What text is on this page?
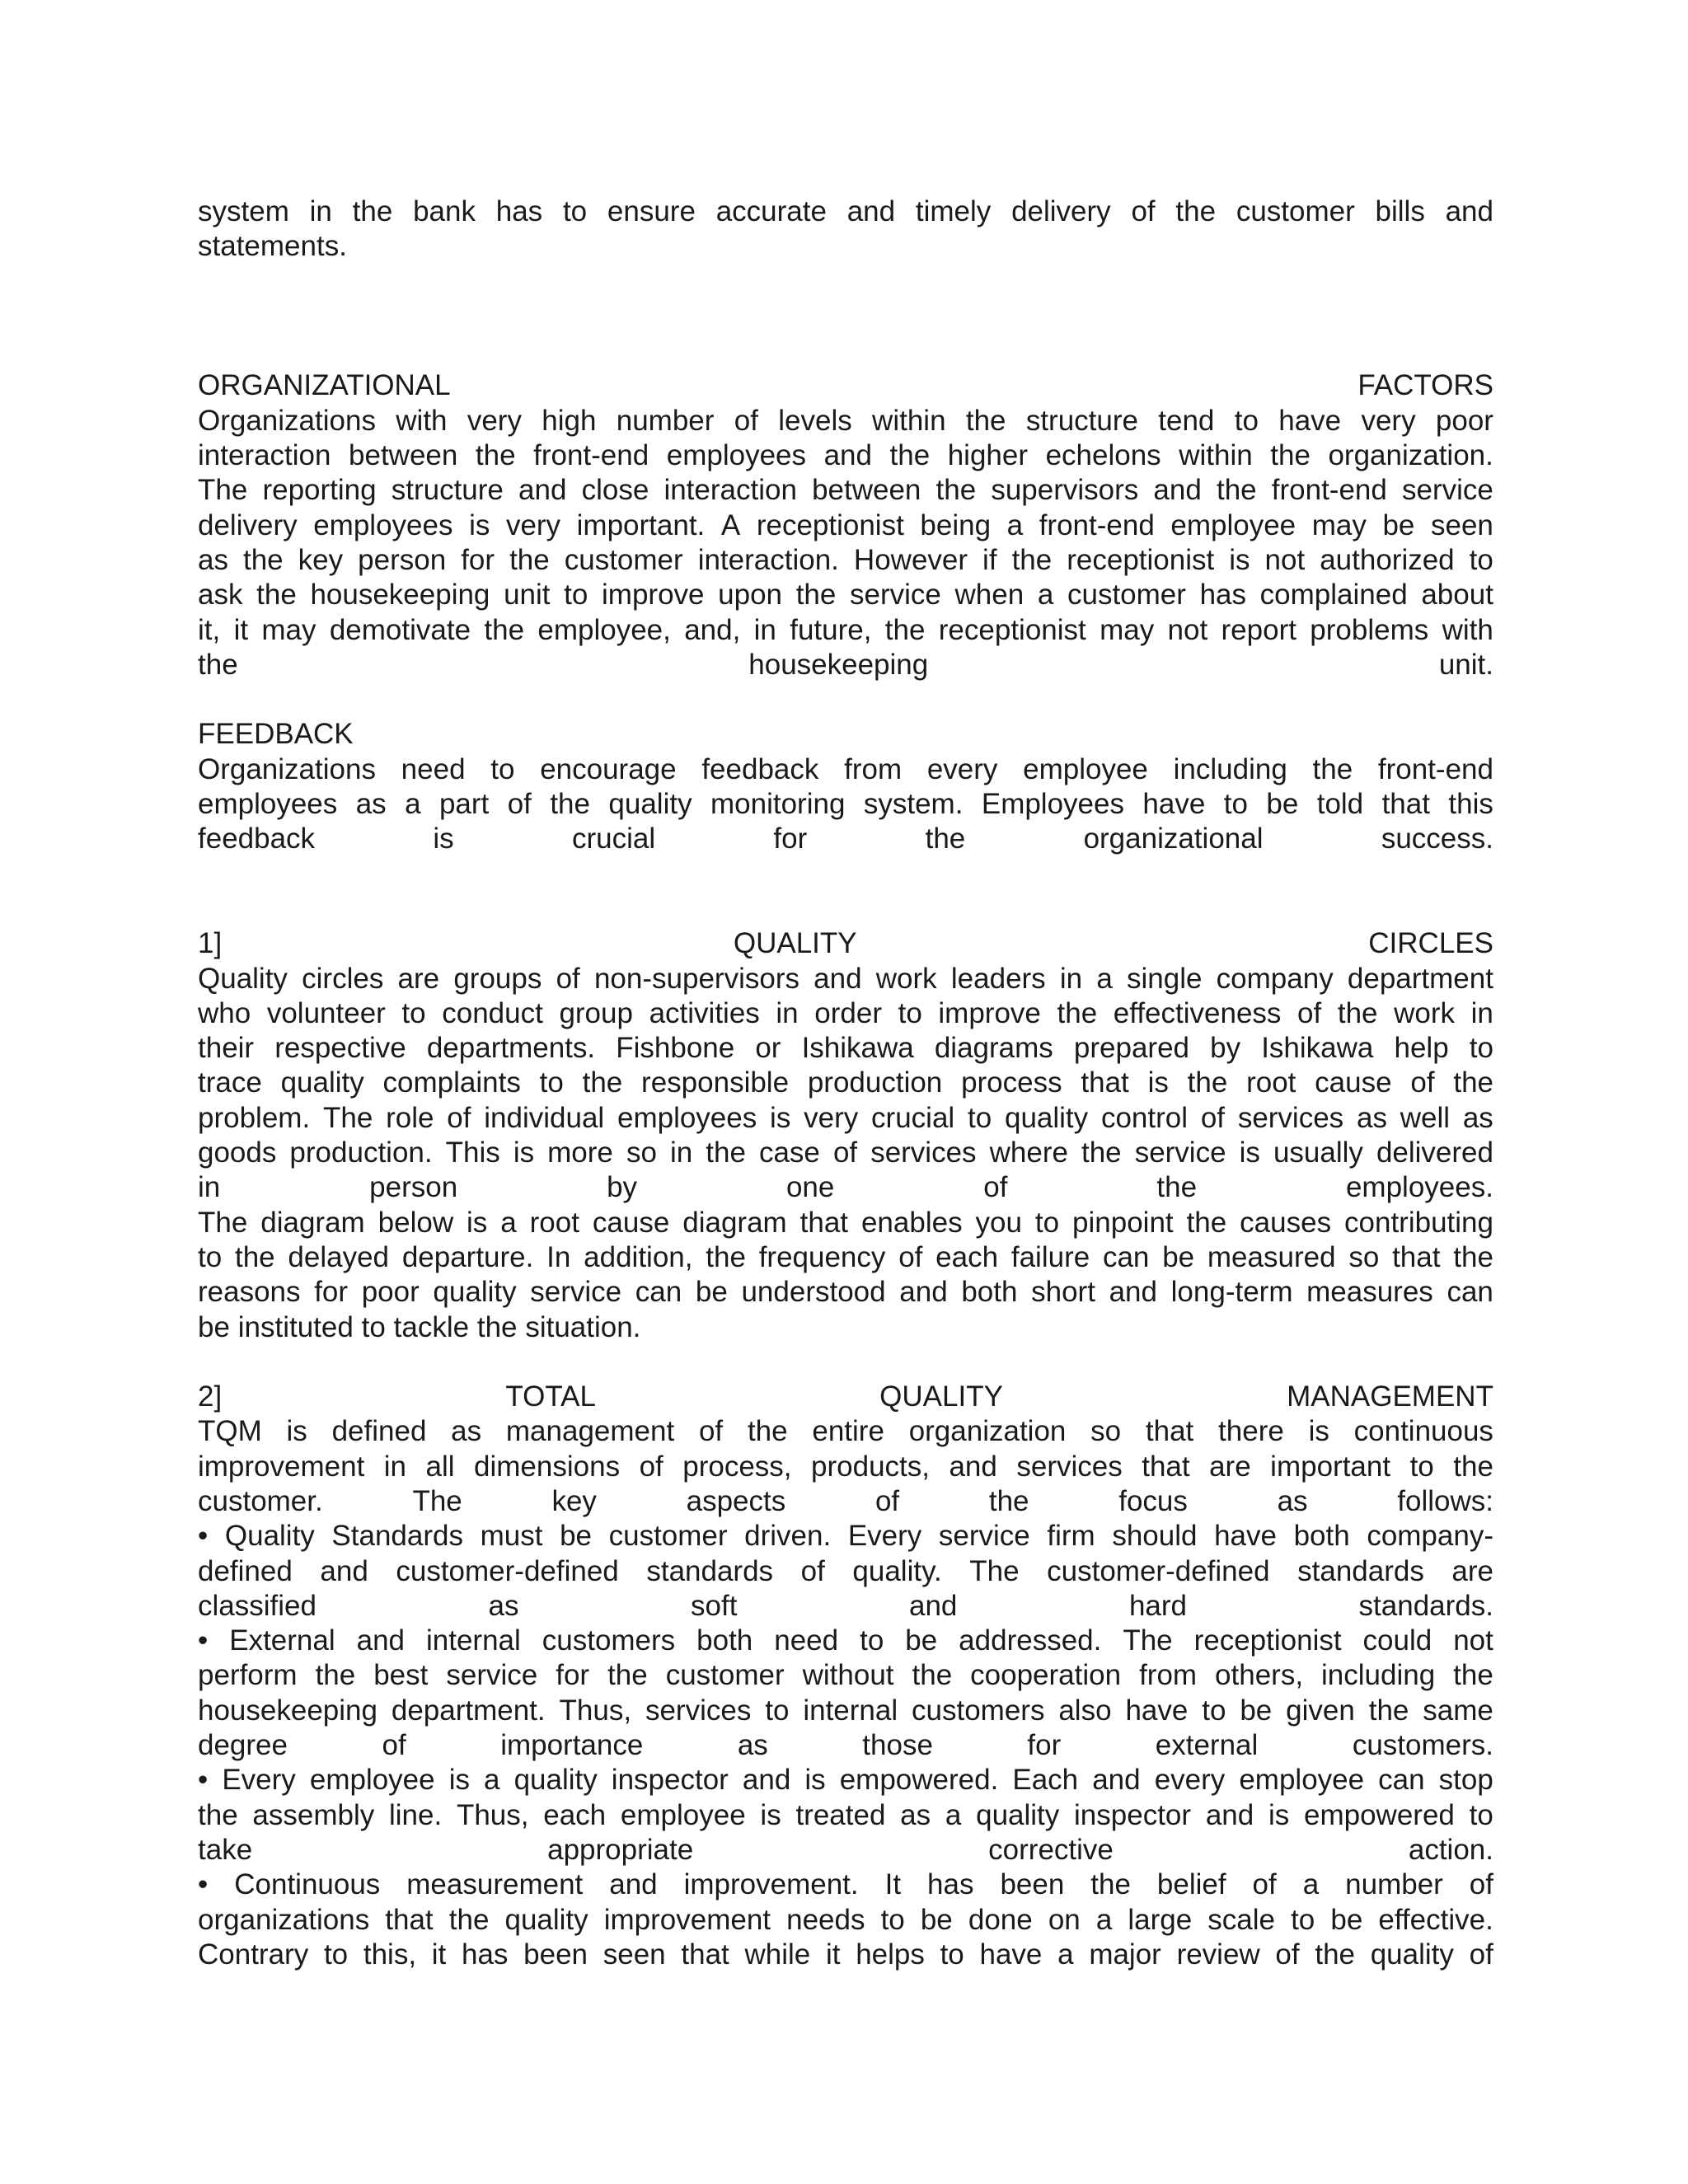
system in the bank has to ensure accurate and timely delivery of the customer bills and
statements.
ORGANIZATIONAL	FACTORS
Organizations with very high number of levels within the structure tend to have very poor
interaction between the front-end employees and the higher echelons within the organization.
The reporting structure and close interaction between the supervisors and the front-end service
delivery employees is very important. A receptionist being a front-end employee may be seen
as the key person for the customer interaction. However if the receptionist is not authorized to
ask the housekeeping unit to improve upon the service when a customer has complained about
it, it may demotivate the employee, and, in future, the receptionist may not report problems with
the	housekeeping	unit.
FEEDBACK
Organizations need to encourage feedback from every employee including the front-end
employees as a part of the quality monitoring system. Employees have to be told that this
feedback	is	crucial	for	the	organizational	success.
1]	QUALITY	CIRCLES
Quality circles are groups of non-supervisors and work leaders in a single company department
who volunteer to conduct group activities in order to improve the effectiveness of the work in
their respective departments. Fishbone or Ishikawa diagrams prepared by Ishikawa help to
trace quality complaints to the responsible production process that is the root cause of the
problem. The role of individual employees is very crucial to quality control of services as well as
goods production. This is more so in the case of services where the service is usually delivered
in	person	by	one	of	the	employees.
The diagram below is a root cause diagram that enables you to pinpoint the causes contributing
to the delayed departure. In addition, the frequency of each failure can be measured so that the
reasons for poor quality service can be understood and both short and long-term measures can
be instituted to tackle the situation.
2]	TOTAL	QUALITY	MANAGEMENT
TQM is defined as management of the entire organization so that there is continuous
improvement in all dimensions of process, products, and services that are important to the
customer.	The	key	aspects	of	the	focus	as	follows:
• Quality Standards must be customer driven. Every service firm should have both company-
defined and customer-defined standards of quality. The customer-defined standards are
classified	as	soft	and	hard	standards.
• External and internal customers both need to be addressed. The receptionist could not
perform the best service for the customer without the cooperation from others, including the
housekeeping department. Thus, services to internal customers also have to be given the same
degree	of	importance	as	those	for	external	customers.
• Every employee is a quality inspector and is empowered. Each and every employee can stop
the assembly line. Thus, each employee is treated as a quality inspector and is empowered to
take	appropriate	corrective	action.
• Continuous measurement and improvement. It has been the belief of a number of
organizations that the quality improvement needs to be done on a large scale to be effective.
Contrary to this, it has been seen that while it helps to have a major review of the quality of
